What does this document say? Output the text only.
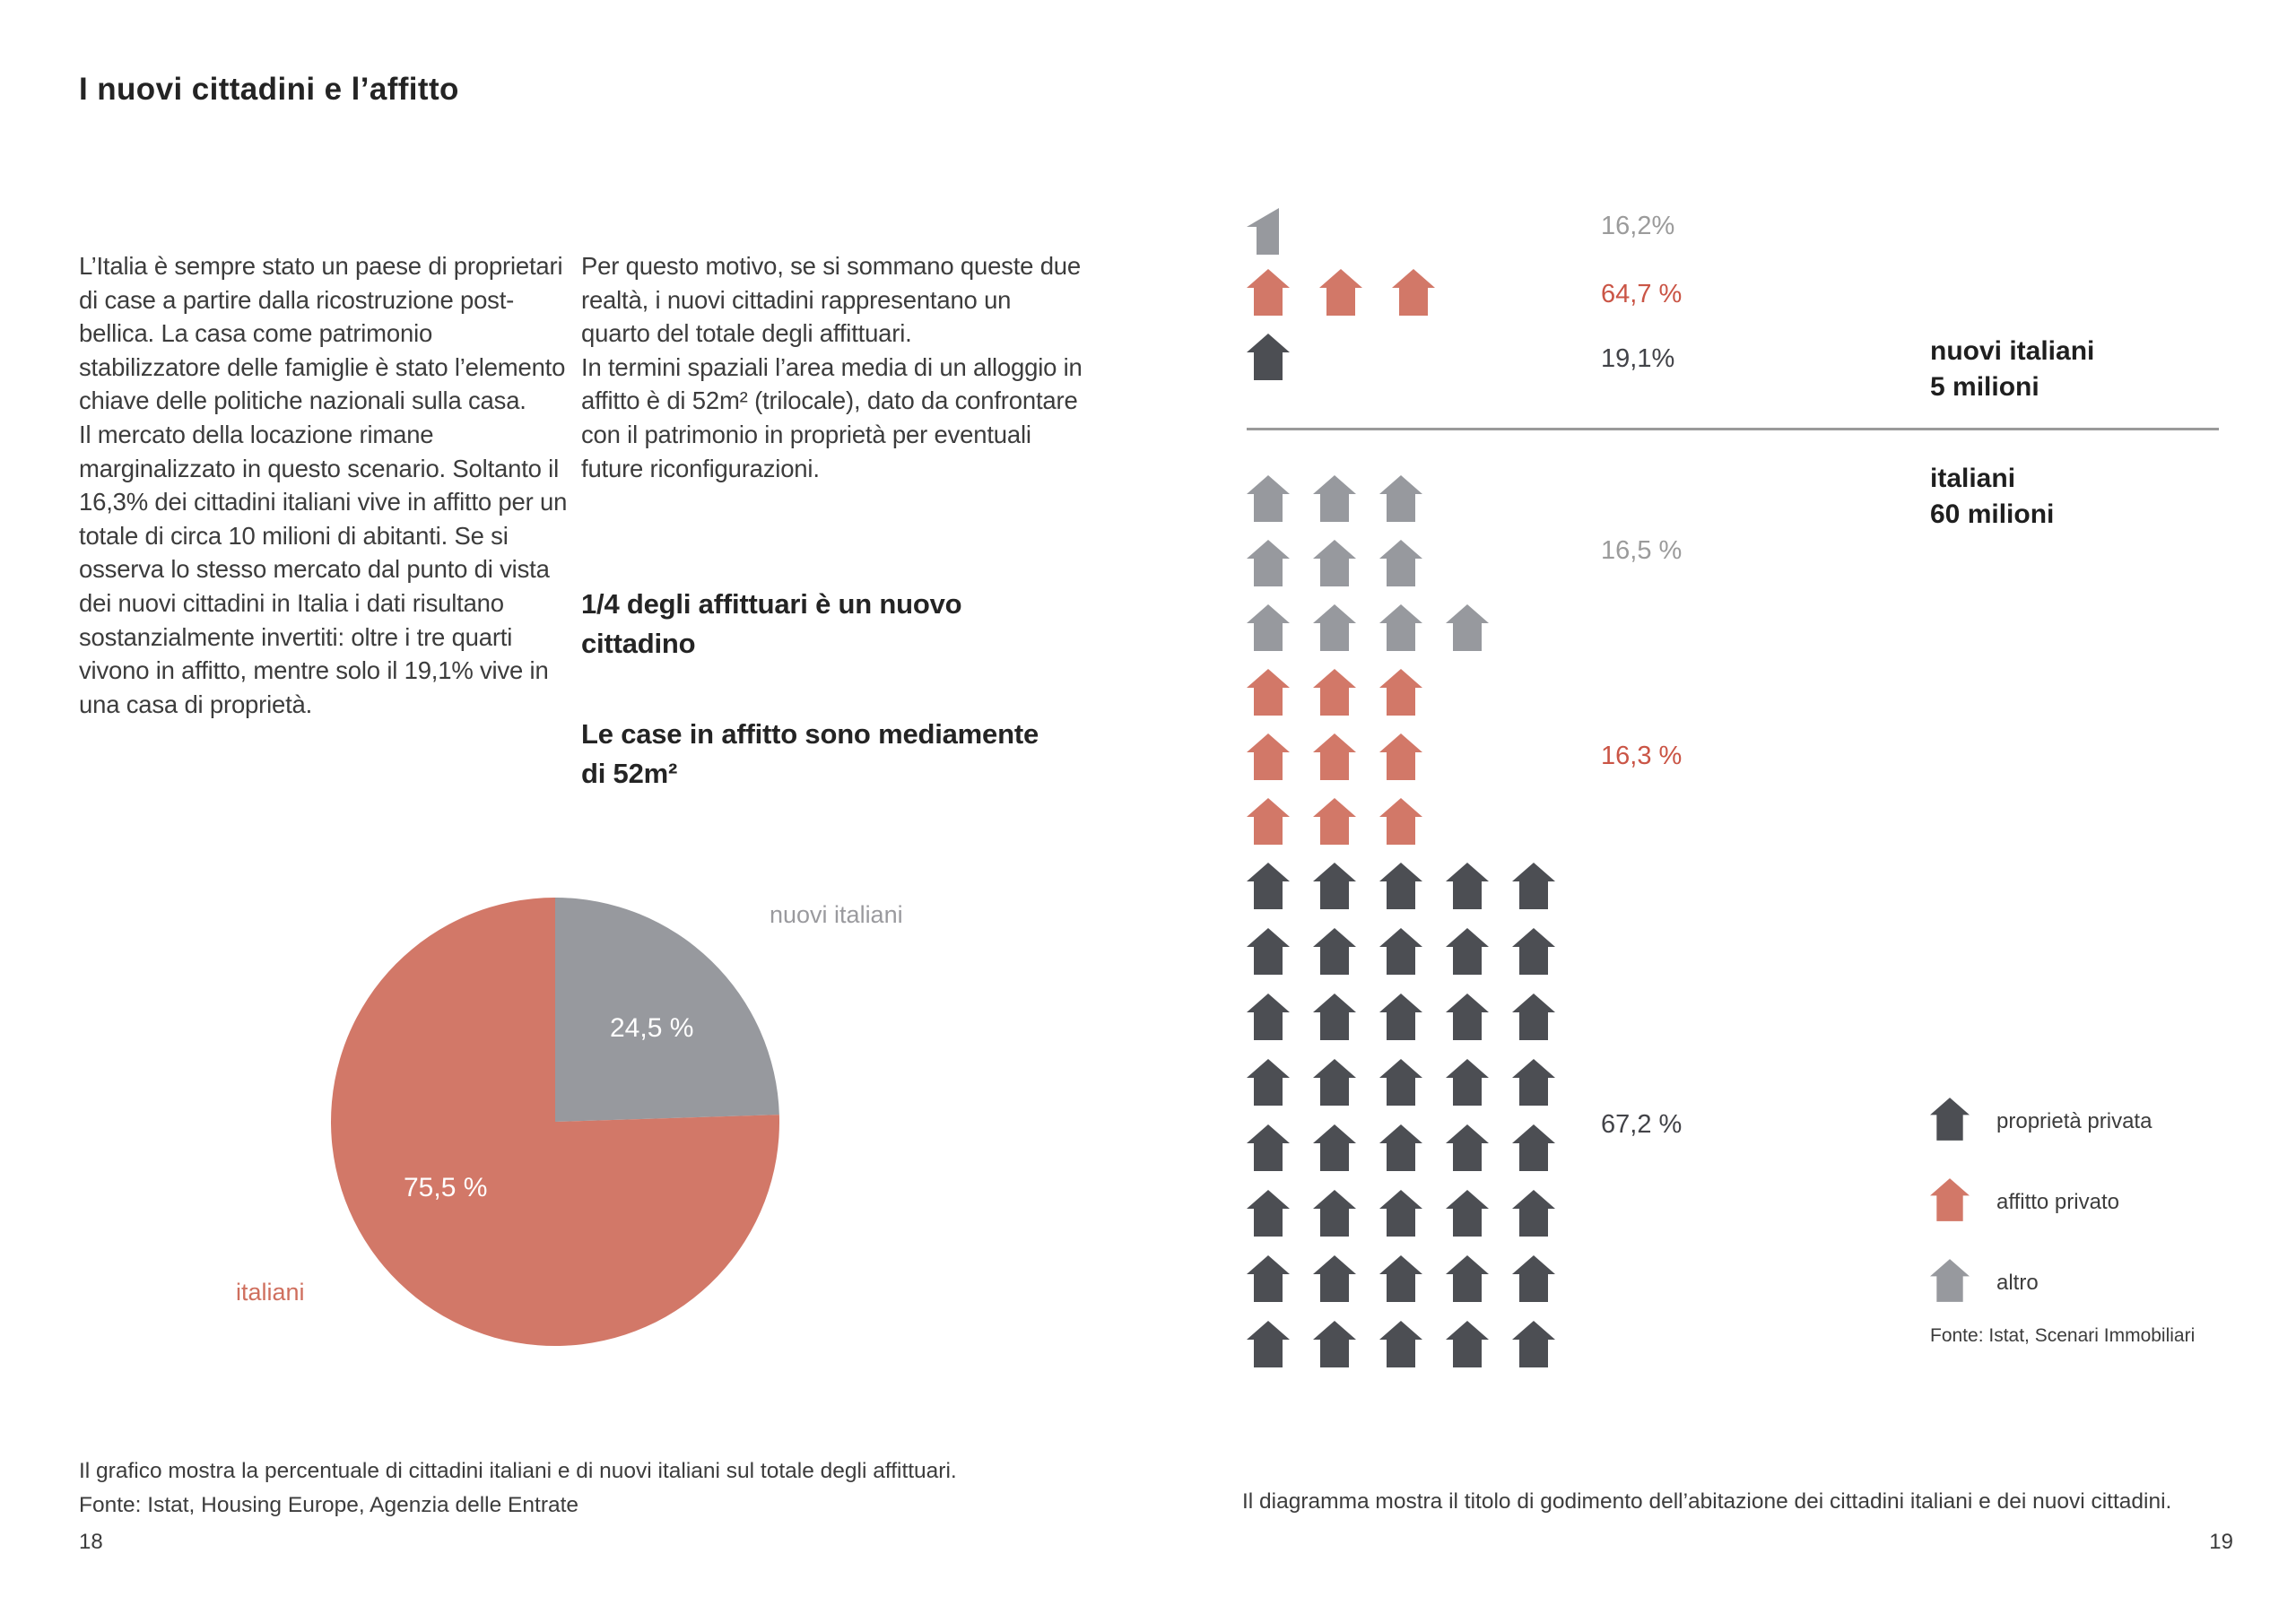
I nuovi cittadini e l’affitto

L’Italia è sempre stato un paese di proprietari di case a partire dalla ricostruzione post-bellica. La casa come patrimonio stabilizzatore delle famiglie è stato l’elemento chiave delle politiche nazionali sulla casa.

Il mercato della locazione rimane marginalizzato in questo scenario. Soltanto il 16,3% dei cittadini italiani vive in affitto per un totale di circa 10 milioni di abitanti. Se si osserva lo stesso mercato dal punto di vista dei nuovi cittadini in Italia i dati risultano sostanzialmente invertiti: oltre i tre quarti vivono in affitto, mentre solo il 19,1% vive in una casa di proprietà.

Per questo motivo, se si sommano queste due realtà, i nuovi cittadini rappresentano un quarto del totale degli affittuari.

In termini spaziali l’area media di un alloggio in affitto è di 52m² (trilocale), dato da confrontare con il patrimonio in proprietà per eventuali future riconfigurazioni.

1/4 degli affittuari è un nuovo cittadino
Le case in affitto sono mediamente di 52m²
nuovi italiani
24,5 %
75,5 %
italiani
Il grafico mostra la percentuale di cittadini italiani e di nuovi italiani sul totale degli affittuari.
Fonte: Istat, Housing Europe, Agenzia delle Entrate
18
nuovi italiani
5 milioni
italiani
60 milioni
proprietà privata
affitto privato
altro
Fonte: Istat, Scenari Immobiliari
Il diagramma mostra il titolo di godimento dell’abitazione dei cittadini italiani e dei nuovi cittadini.
19
16,2%
64,7 %
19,1%
16,5 %
16,3 %
67,2 %
